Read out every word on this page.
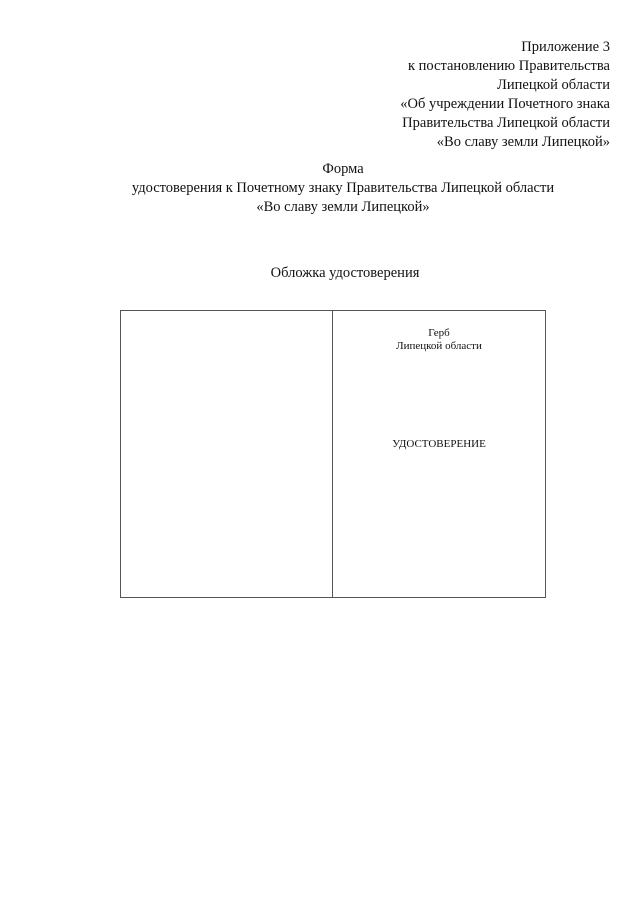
Приложение 3
к постановлению Правительства
Липецкой области
«Об учреждении Почетного знака
Правительства Липецкой области
«Во славу земли Липецкой»
Форма
удостоверения к Почетному знаку Правительства Липецкой области
«Во славу земли Липецкой»
Обложка удостоверения
Герб
Липецкой области
УДОСТОВЕРЕНИЕ
